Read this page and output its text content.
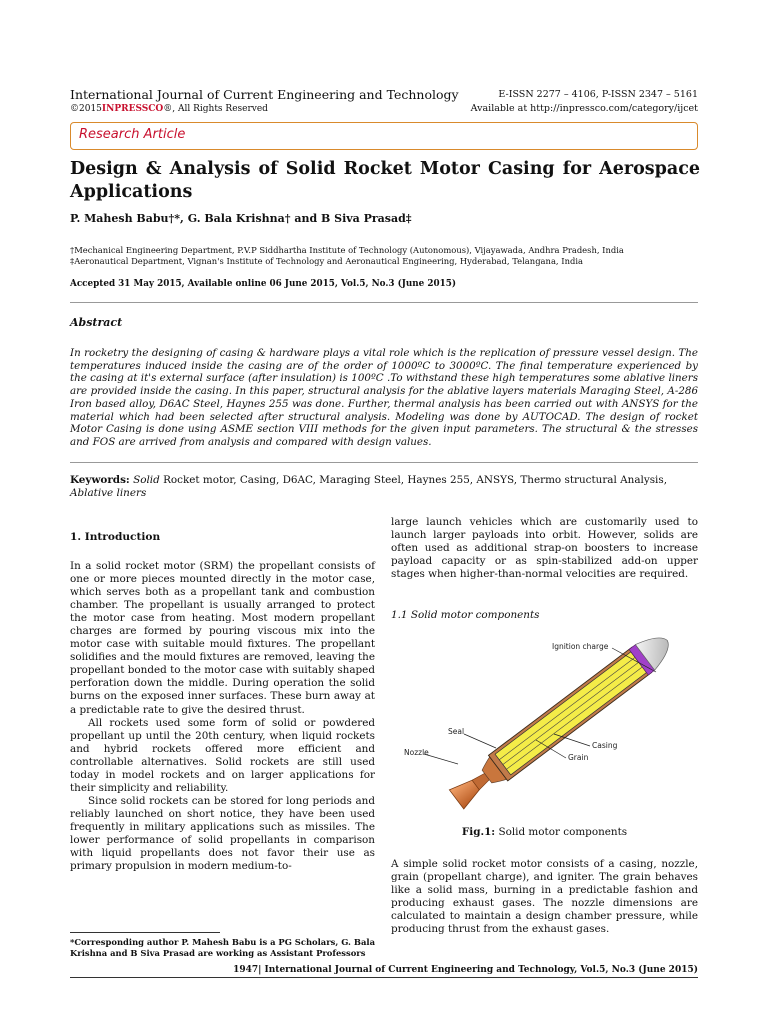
International Journal of Current Engineering and Technology
©2015INPRESSCO®, All Rights Reserved
E-ISSN 2277 – 4106, P-ISSN 2347 – 5161
Available at http://inpressco.com/category/ijcet
Research Article
Design & Analysis of Solid Rocket Motor Casing for Aerospace Applications
P. Mahesh Babu†*, G. Bala Krishna† and B Siva Prasad‡
†Mechanical Engineering Department, P.V.P Siddhartha Institute of Technology (Autonomous), Vijayawada, Andhra Pradesh, India
‡Aeronautical Department, Vignan's Institute of Technology and Aeronautical Engineering, Hyderabad, Telangana, India
Accepted 31 May 2015, Available online 06 June 2015, Vol.5, No.3 (June 2015)
Abstract
In rocketry the designing of casing & hardware plays a vital role which is the replication of pressure vessel design. The temperatures induced inside the casing are of the order of 1000ºC to 3000ºC. The final temperature experienced by the casing at it's external surface (after insulation) is 100ºC .To withstand these high temperatures some ablative liners are provided inside the casing. In this paper, structural analysis for the ablative layers materials Maraging Steel, A-286 Iron based alloy, D6AC Steel, Haynes 255 was done. Further, thermal analysis has been carried out with ANSYS for the material which had been selected after structural analysis. Modeling was done by AUTOCAD. The design of rocket Motor Casing is done using ASME section VIII methods for the given input parameters. The structural & the stresses and FOS are arrived from analysis and compared with design values.
Keywords: Solid Rocket motor, Casing, D6AC, Maraging Steel, Haynes 255, ANSYS, Thermo structural Analysis,
Ablative liners
1. Introduction

In a solid rocket motor (SRM) the propellant consists of one or more pieces mounted directly in the motor case, which serves both as a propellant tank and combustion chamber. The propellant is usually arranged to protect the motor case from heating. Most modern propellant charges are formed by pouring viscous mix into the motor case with suitable mould fixtures. The propellant solidifies and the mould fixtures are removed, leaving the propellant bonded to the motor case with suitably shaped perforation down the middle. During operation the solid burns on the exposed inner surfaces. These burn away at a predictable rate to give the desired thrust.

All rockets used some form of solid or powdered propellant up until the 20th century, when liquid rockets and hybrid rockets offered more efficient and controllable alternatives. Solid rockets are still used today in model rockets and on larger applications for their simplicity and reliability.

Since solid rockets can be stored for long periods and reliably launched on short notice, they have been used frequently in military applications such as missiles. The lower performance of solid propellants in comparison with liquid propellants does not favor their use as primary propulsion in modern medium-to-

*Corresponding author P. Mahesh Babu is a PG Scholars, G. Bala Krishna and B Siva Prasad are working as Assistant Professors
large launch vehicles which are customarily used to launch larger payloads into orbit. However, solids are often used as additional strap-on boosters to increase payload capacity or as spin-stabilized add-on upper stages when higher-than-normal velocities are required.
1.1 Solid motor components
Ignition charge
Seal
Casing
Nozzle
Grain
Fig.1: Solid motor components
A simple solid rocket motor consists of a casing, nozzle, grain (propellant charge), and igniter. The grain behaves like a solid mass, burning in a predictable fashion and producing exhaust gases. The nozzle dimensions are calculated to maintain a design chamber pressure, while producing thrust from the exhaust gases.
1947| International Journal of Current Engineering and Technology, Vol.5, No.3 (June 2015)
